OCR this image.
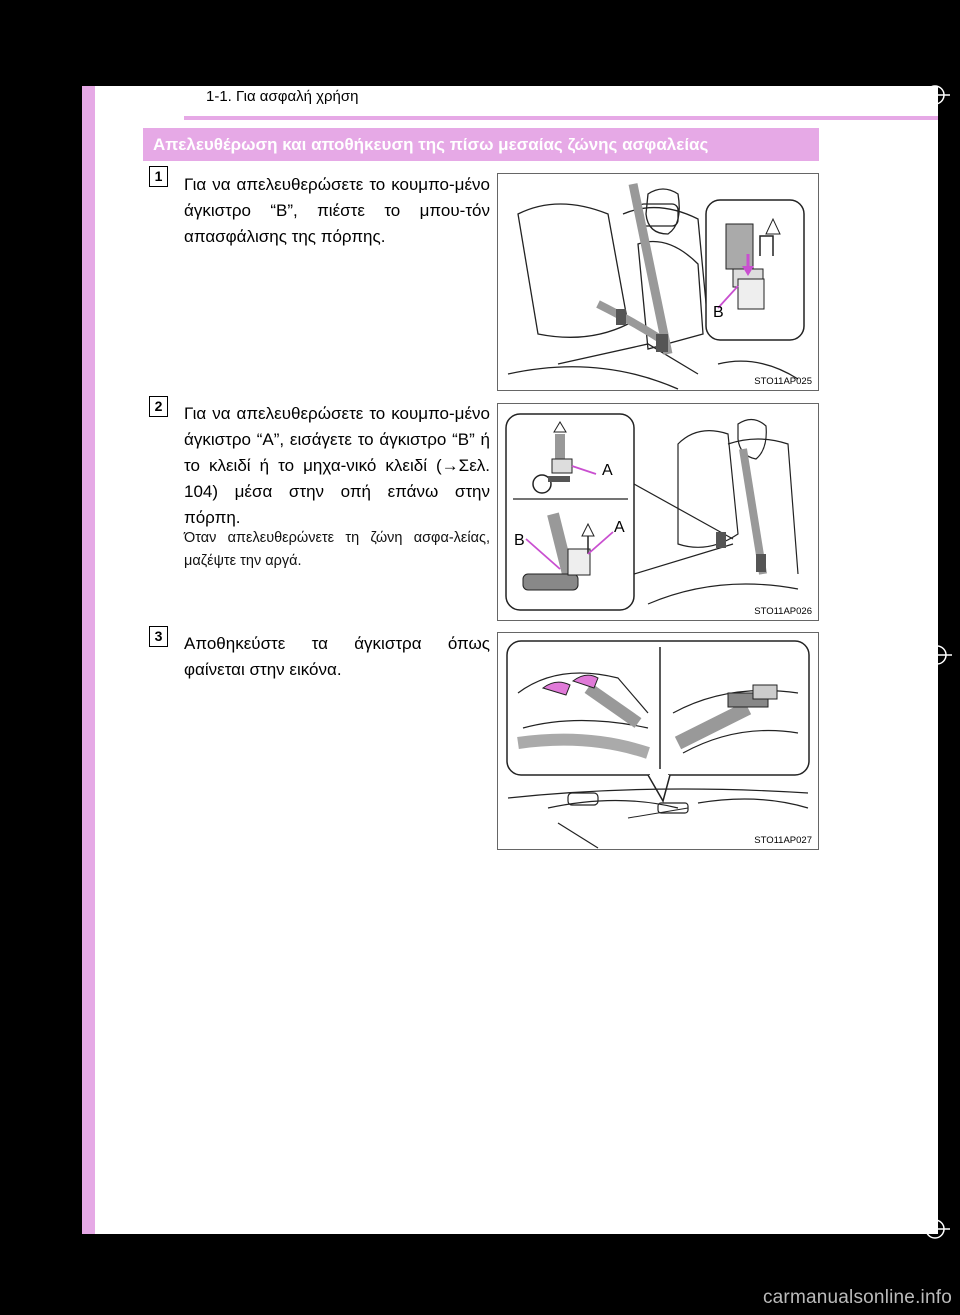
1-1. Για ασφαλή χρήση
Απελευθέρωση και αποθήκευση της πίσω μεσαίας ζώνης ασφαλείας
1	Για να απελευθερώσετε το κουμπο-μένο άγκιστρο “B”, πιέστε το μπου-τόν απασφάλισης της πόρπης.
B
STO11AP025
2	Για να απελευθερώσετε το κουμπο-μένο άγκιστρο “A”, εισάγετε το άγκιστρο “B” ή το κλειδί ή το μηχα-νικό κλειδί (→Σελ. 104) μέσα στην οπή επάνω στην πόρπη.
Όταν απελευθερώνετε τη ζώνη ασφα-λείας, μαζέψτε την αργά.
A
A
B
STO11AP026
3	Αποθηκεύστε τα άγκιστρα όπως φαίνεται στην εικόνα.
STO11AP027
carmanualsonline.info
